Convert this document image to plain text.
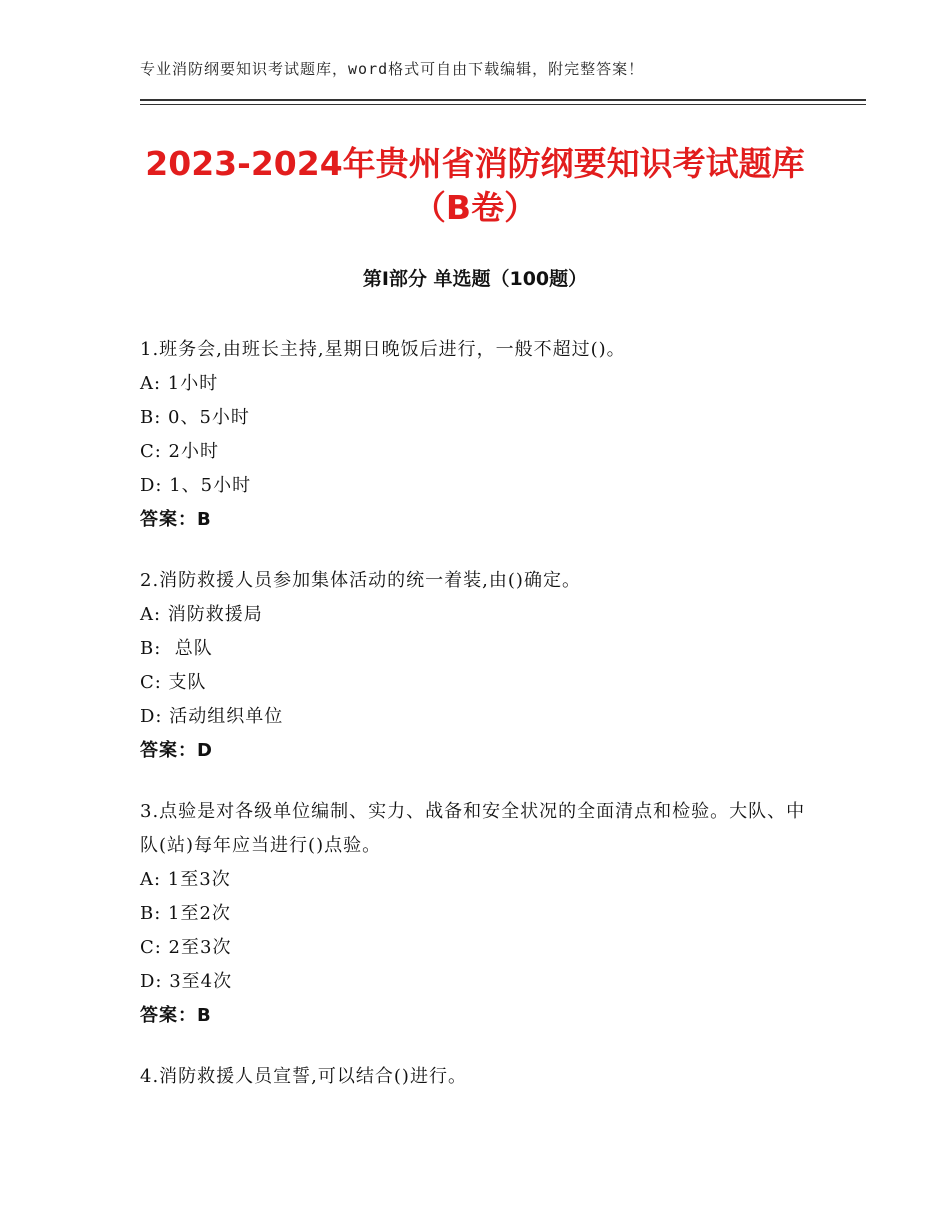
专业消防纲要知识考试题库，word格式可自由下载编辑，附完整答案！
2023-2024年贵州省消防纲要知识考试题库
（B卷）
第Ⅰ部分 单选题（100题）
1.班务会,由班长主持,星期日晚饭后进行，一般不超过()。
A: 1小时
B: 0、5小时
C: 2小时
D: 1、5小时
答案：B
2.消防救援人员参加集体活动的统一着装,由()确定。
A: 消防救援局
B:  总队
C: 支队
D: 活动组织单位
答案：D
3.点验是对各级单位编制、实力、战备和安全状况的全面清点和检验。大队、中队(站)每年应当进行()点验。
A: 1至3次
B: 1至2次
C: 2至3次
D: 3至4次
答案：B
4.消防救援人员宣誓,可以结合()进行。
